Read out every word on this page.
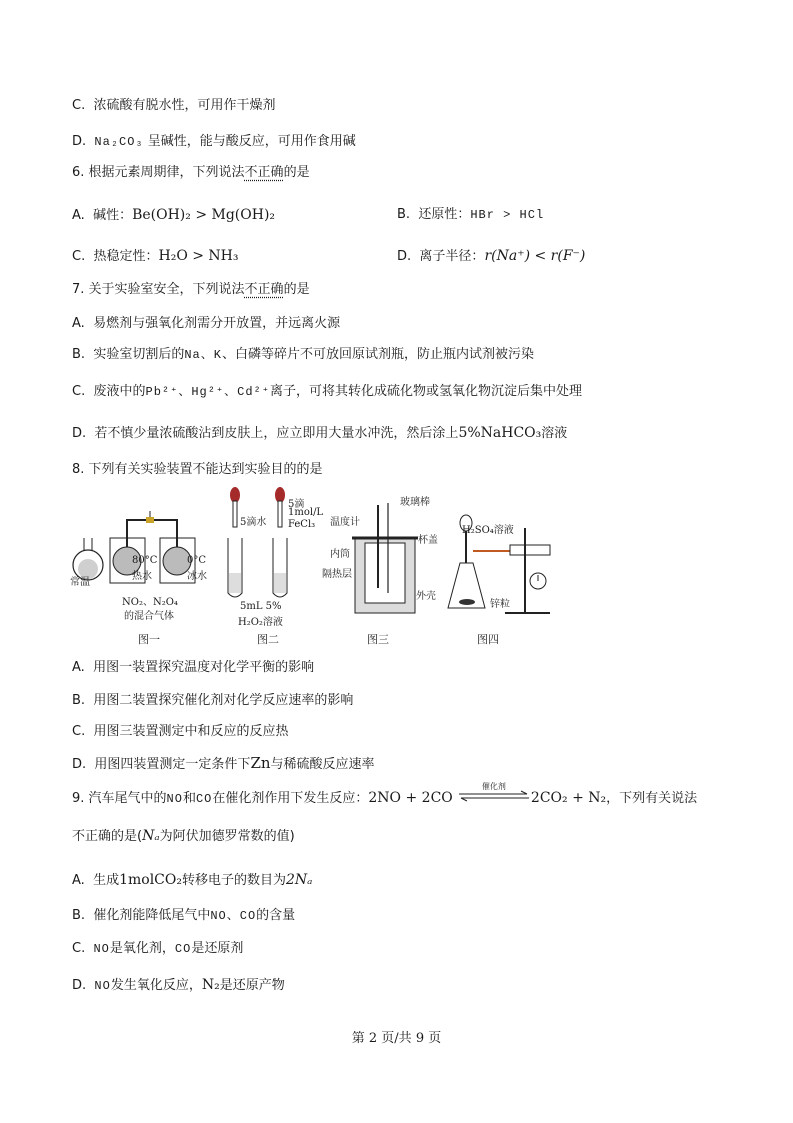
C. 浓硫酸有脱水性，可用作干燥剂
D. Na₂CO₃ 呈碱性，能与酸反应，可用作食用碱
6. 根据元素周期律，下列说法不正确的是
A. 碱性：Be(OH)₂ > Mg(OH)₂	B. 还原性：HBr > HCl
C. 热稳定性：H₂O > NH₃	D. 离子半径：r(Na⁺) < r(F⁻)
7. 关于实验室安全，下列说法不正确的是
A. 易燃剂与强氧化剂需分开放置，并远离火源
B. 实验室切割后的Na、K、白磷等碎片不可放回原试剂瓶，防止瓶内试剂被污染
C. 废液中的Pb²⁺、Hg²⁺、Cd²⁺离子，可将其转化成硫化物或氢氧化物沉淀后集中处理
D. 若不慎少量浓硫酸沾到皮肤上，应立即用大量水冲洗，然后涂上5%NaHCO₃溶液
8. 下列有关实验装置不能达到实验目的的是
常温
80°C
热水
0°C
冰水
NO₂、N₂O₄
的混合气体
图一
5滴水
5滴
1mol/L
FeCl₃
5mL 5%
H₂O₂溶液
图二
玻璃棒
温度计
杯盖
内筒
隔热层
外壳
图三
H₂SO₄溶液
锌粒
图四
A. 用图一装置探究温度对化学平衡的影响
B. 用图二装置探究催化剂对化学反应速率的影响
C. 用图三装置测定中和反应的反应热
D. 用图四装置测定一定条件下Zn与稀硫酸反应速率
9. 汽车尾气中的NO和CO在催化剂作用下发生反应：2NO + 2CO
催化剂
2CO₂ + N₂，下列有关说法
不正确的是(Nₐ为阿伏加德罗常数的值)
A. 生成1molCO₂转移电子的数目为2Nₐ
B. 催化剂能降低尾气中NO、CO的含量
C. NO是氧化剂，CO是还原剂
D. NO发生氧化反应，N₂是还原产物
第 2 页/共 9 页
